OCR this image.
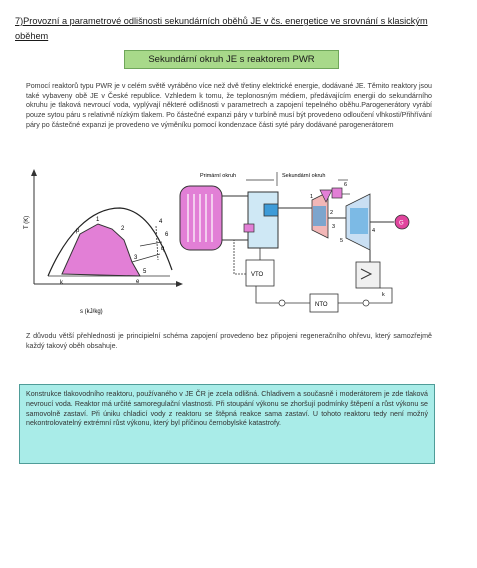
7)Provozní a parametrové odlišnosti sekundárních oběhů JE v čs. energetice ve srovnání s klasickým oběhem
Sekundární okruh JE s reaktorem PWR
Pomocí reaktorů typu PWR je v celém světě vyráběno více než dvě třetiny elektrické energie, dodávané JE. Těmito reaktory jsou také vybaveny obě JE v České republice. Vzhledem k tomu, že teplonosným médiem, předávajícím energii do sekundárního okruhu je tlaková nevroucí voda, vyplývají některé odlišnosti v parametrech a zapojení tepelného oběhu.Parogenerátory vyrábí pouze sytou páru s relativně nízkým tlakem. Po částečné expanzi páry v turbíně musí být provedeno odloučení vlhkosti/Přihřívání páry po částečné expanzi je provedeno ve výměníku pomocí kondenzace části syté páry dodávané parogenerátorem
T (K)
s (kJ/kg)
1
2
3
4
5
6
k
p
e
q
Primární okruh	Sekundární okruh
G
VTO
NTO
1
2
3
4
5
6
k
Z důvodu větší přehlednosti je principielní schéma zapojení provedeno bez připojeni regeneračního ohřevu, který samozřejmě každý takový oběh obsahuje.
Konstrukce tlakovodního reaktoru, používaného v JE ČR je zcela odlišná. Chladivem a současně i moderátorem je zde tlaková nevroucí voda. Reaktor má určité samoregulační vlastnosti. Při stoupání výkonu se zhoršují podmínky štěpení a růst výkonu se samovolně zastaví. Při úniku chladicí vody z reaktoru se štěpná reakce sama zastaví. U tohoto reaktoru tedy není možný nekontrolovatelný extrémní růst výkonu, který byl příčinou černobylské katastrofy.
